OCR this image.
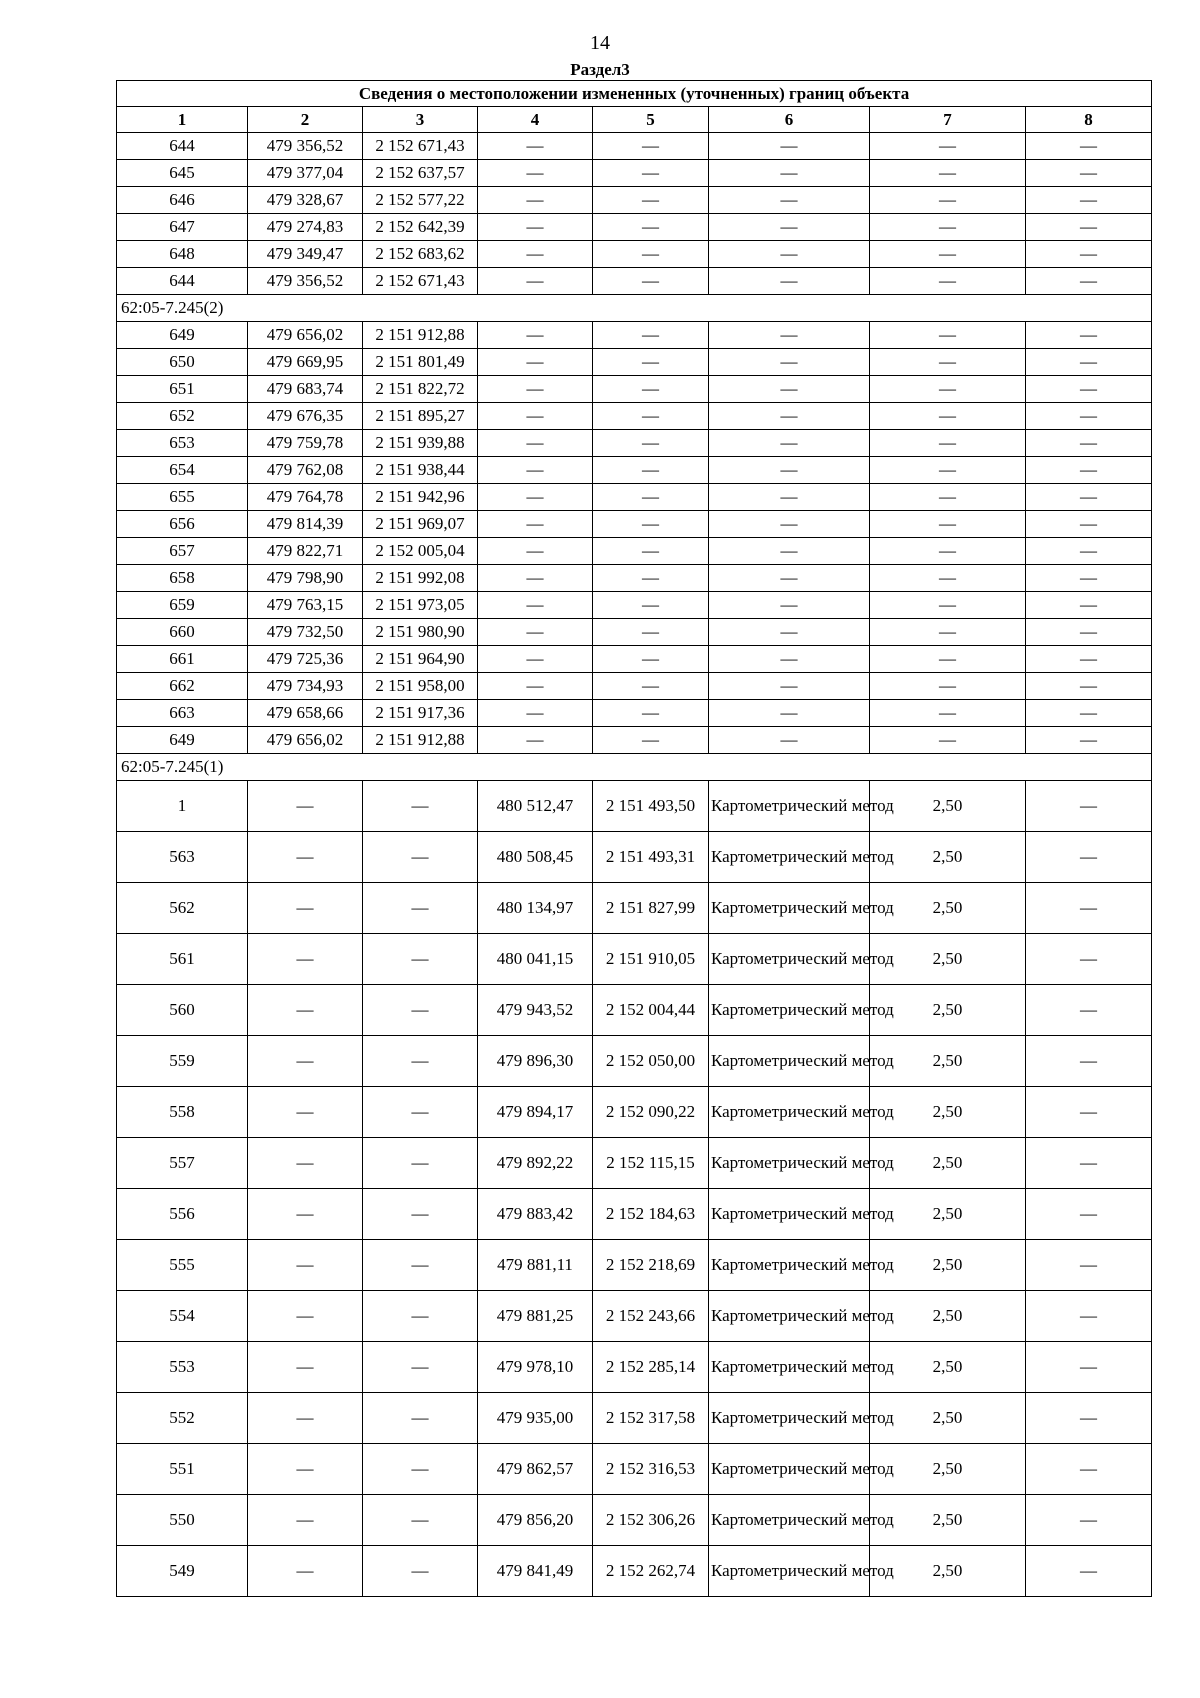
14
Раздел3
Сведения о местоположении измененных (уточненных) границ объекта							
1	2	3	4	5	6	7	8
644	479 356,52	2 152 671,43	—	—	—	—	—
645	479 377,04	2 152 637,57	—	—	—	—	—
646	479 328,67	2 152 577,22	—	—	—	—	—
647	479 274,83	2 152 642,39	—	—	—	—	—
648	479 349,47	2 152 683,62	—	—	—	—	—
644	479 356,52	2 152 671,43	—	—	—	—	—
62:05-7.245(2)							
649	479 656,02	2 151 912,88	—	—	—	—	—
650	479 669,95	2 151 801,49	—	—	—	—	—
651	479 683,74	2 151 822,72	—	—	—	—	—
652	479 676,35	2 151 895,27	—	—	—	—	—
653	479 759,78	2 151 939,88	—	—	—	—	—
654	479 762,08	2 151 938,44	—	—	—	—	—
655	479 764,78	2 151 942,96	—	—	—	—	—
656	479 814,39	2 151 969,07	—	—	—	—	—
657	479 822,71	2 152 005,04	—	—	—	—	—
658	479 798,90	2 151 992,08	—	—	—	—	—
659	479 763,15	2 151 973,05	—	—	—	—	—
660	479 732,50	2 151 980,90	—	—	—	—	—
661	479 725,36	2 151 964,90	—	—	—	—	—
662	479 734,93	2 151 958,00	—	—	—	—	—
663	479 658,66	2 151 917,36	—	—	—	—	—
649	479 656,02	2 151 912,88	—	—	—	—	—
62:05-7.245(1)							
1	—	—	480 512,47	2 151 493,50	Картометрический метод	2,50	—
563	—	—	480 508,45	2 151 493,31	Картометрический метод	2,50	—
562	—	—	480 134,97	2 151 827,99	Картометрический метод	2,50	—
561	—	—	480 041,15	2 151 910,05	Картометрический метод	2,50	—
560	—	—	479 943,52	2 152 004,44	Картометрический метод	2,50	—
559	—	—	479 896,30	2 152 050,00	Картометрический метод	2,50	—
558	—	—	479 894,17	2 152 090,22	Картометрический метод	2,50	—
557	—	—	479 892,22	2 152 115,15	Картометрический метод	2,50	—
556	—	—	479 883,42	2 152 184,63	Картометрический метод	2,50	—
555	—	—	479 881,11	2 152 218,69	Картометрический метод	2,50	—
554	—	—	479 881,25	2 152 243,66	Картометрический метод	2,50	—
553	—	—	479 978,10	2 152 285,14	Картометрический метод	2,50	—
552	—	—	479 935,00	2 152 317,58	Картометрический метод	2,50	—
551	—	—	479 862,57	2 152 316,53	Картометрический метод	2,50	—
550	—	—	479 856,20	2 152 306,26	Картометрический метод	2,50	—
549	—	—	479 841,49	2 152 262,74	Картометрический метод	2,50	—
